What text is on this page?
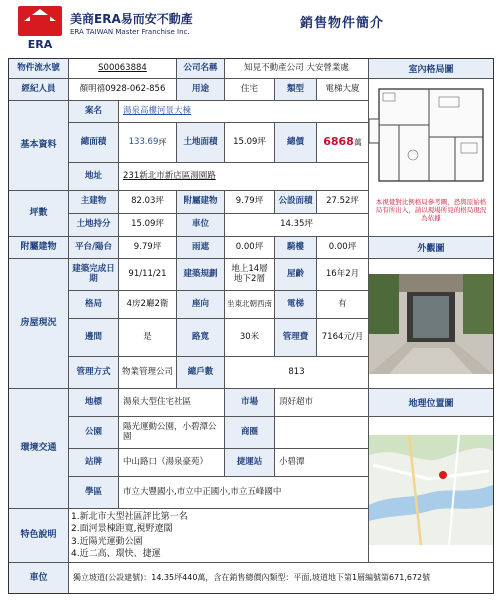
ERA
美商ERA易而安不動產
ERA TAIWAN Master Franchise Inc.
銷售物件簡介
物件流水號	S00063884	公司名稱	知見不動產公司 大安營業處
經紀人員	顏明禧0928-062-856	用途	住宅	類型	電梯大廈
基本資料
案名	湯泉高樓河景大棟
總面積	133.69 坪	土地面積	15.09坪	總價	6868 萬
地址	231新北市新店區湯園路
坪數
主建物	82.03坪	附屬建物	9.79坪	公設面積	27.52坪
土地持分	15.09坪	車位	14.35坪
附屬建物	平台/陽台	9.79坪	雨遮	0.00坪	騎樓	0.00坪
房屋現況
建築完成日期	91/11/21	建築規劃	地上14層 地下2層	屋齡	16年2月
格局	4房2廳2衛	座向	坐東北朝西南	電梯	有
邊間	是	路寬	30米	管理費	7164元/月
管理方式	物業管理公司	總戶數	813
環境交通
地標	湯泉大型住宅社區	市場	頂好超市
公園	陽光運動公園，小碧潭公園	商圈
站牌	中山路口（湯泉豪苑）	捷運站	小碧潭
學區	市立大豐國小,市立中正國小,市立五峰國中
特色說明
1.新北市大型社區評比第一名
2.面河景棟距寬,視野遼闊
3.近陽光運動公園
4.近二高、環快、捷運
車位	獨立坡道(公設建號)：14.35坪440萬，含在銷售總價內類型：平面,坡道地下第1層編號第671,672號
室內格局圖
本視覺對比例格局參考圖，恐與原始格局有所出入，請以現場所見的格局現況為依據
外觀圖
地理位置圖
